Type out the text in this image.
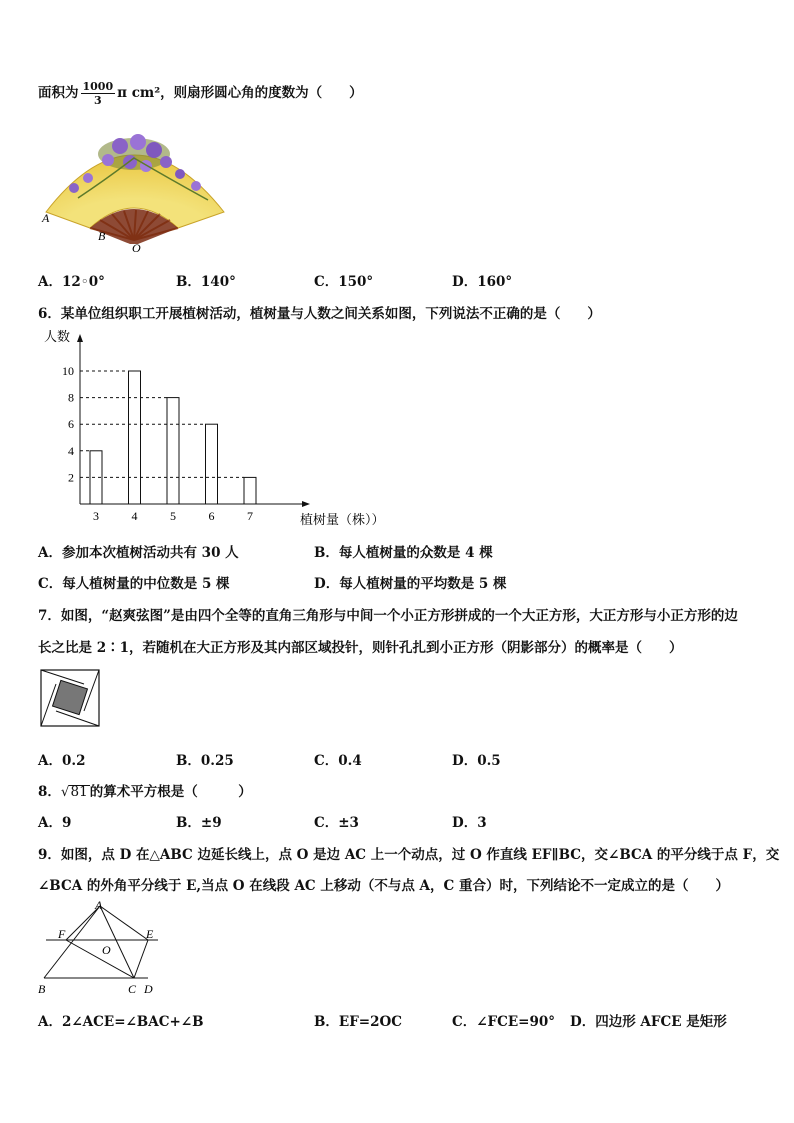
面积为 $\frac{1000}{3}$ π cm²，则扇形圆心角的度数为（　　）
A
B
O
A．12◦0°	B．140°	C．150°	D．160°
6．某单位组织职工开展植树活动，植树量与人数之间关系如图，下列说法不正确的是（　　）
人数
2
4
6
8
10
3	4	5	6	7	植树量（株））
A．参加本次植树活动共有 30 人	B．每人植树量的众数是 4 棵
C．每人植树量的中位数是 5 棵	D．每人植树量的平均数是 5 棵
7．如图，“赵爽弦图”是由四个全等的直角三角形与中间一个小正方形拼成的一个大正方形，大正方形与小正方形的边
长之比是 2∶1，若随机在大正方形及其内部区域投针，则针孔扎到小正方形（阴影部分）的概率是（　　）
A．0.2	B．0.25	C．0.4	D．0.5
8．√81 的算术平方根是（　　　）
A．9	B．±9	C．±3	D．3
9．如图，点 D 在△ABC 边延长线上，点 O 是边 AC 上一个动点，过 O 作直线 EF∥BC，交∠BCA 的平分线于点 F，交
∠BCA 的外角平分线于 E,当点 O 在线段 AC 上移动（不与点 A，C 重合）时，下列结论不一定成立的是（　　）
A
F	E
O
B	C D
A．2∠ACE=∠BAC+∠B	B．EF=2OC	C．∠FCE=90° D．四边形 AFCE 是矩形
